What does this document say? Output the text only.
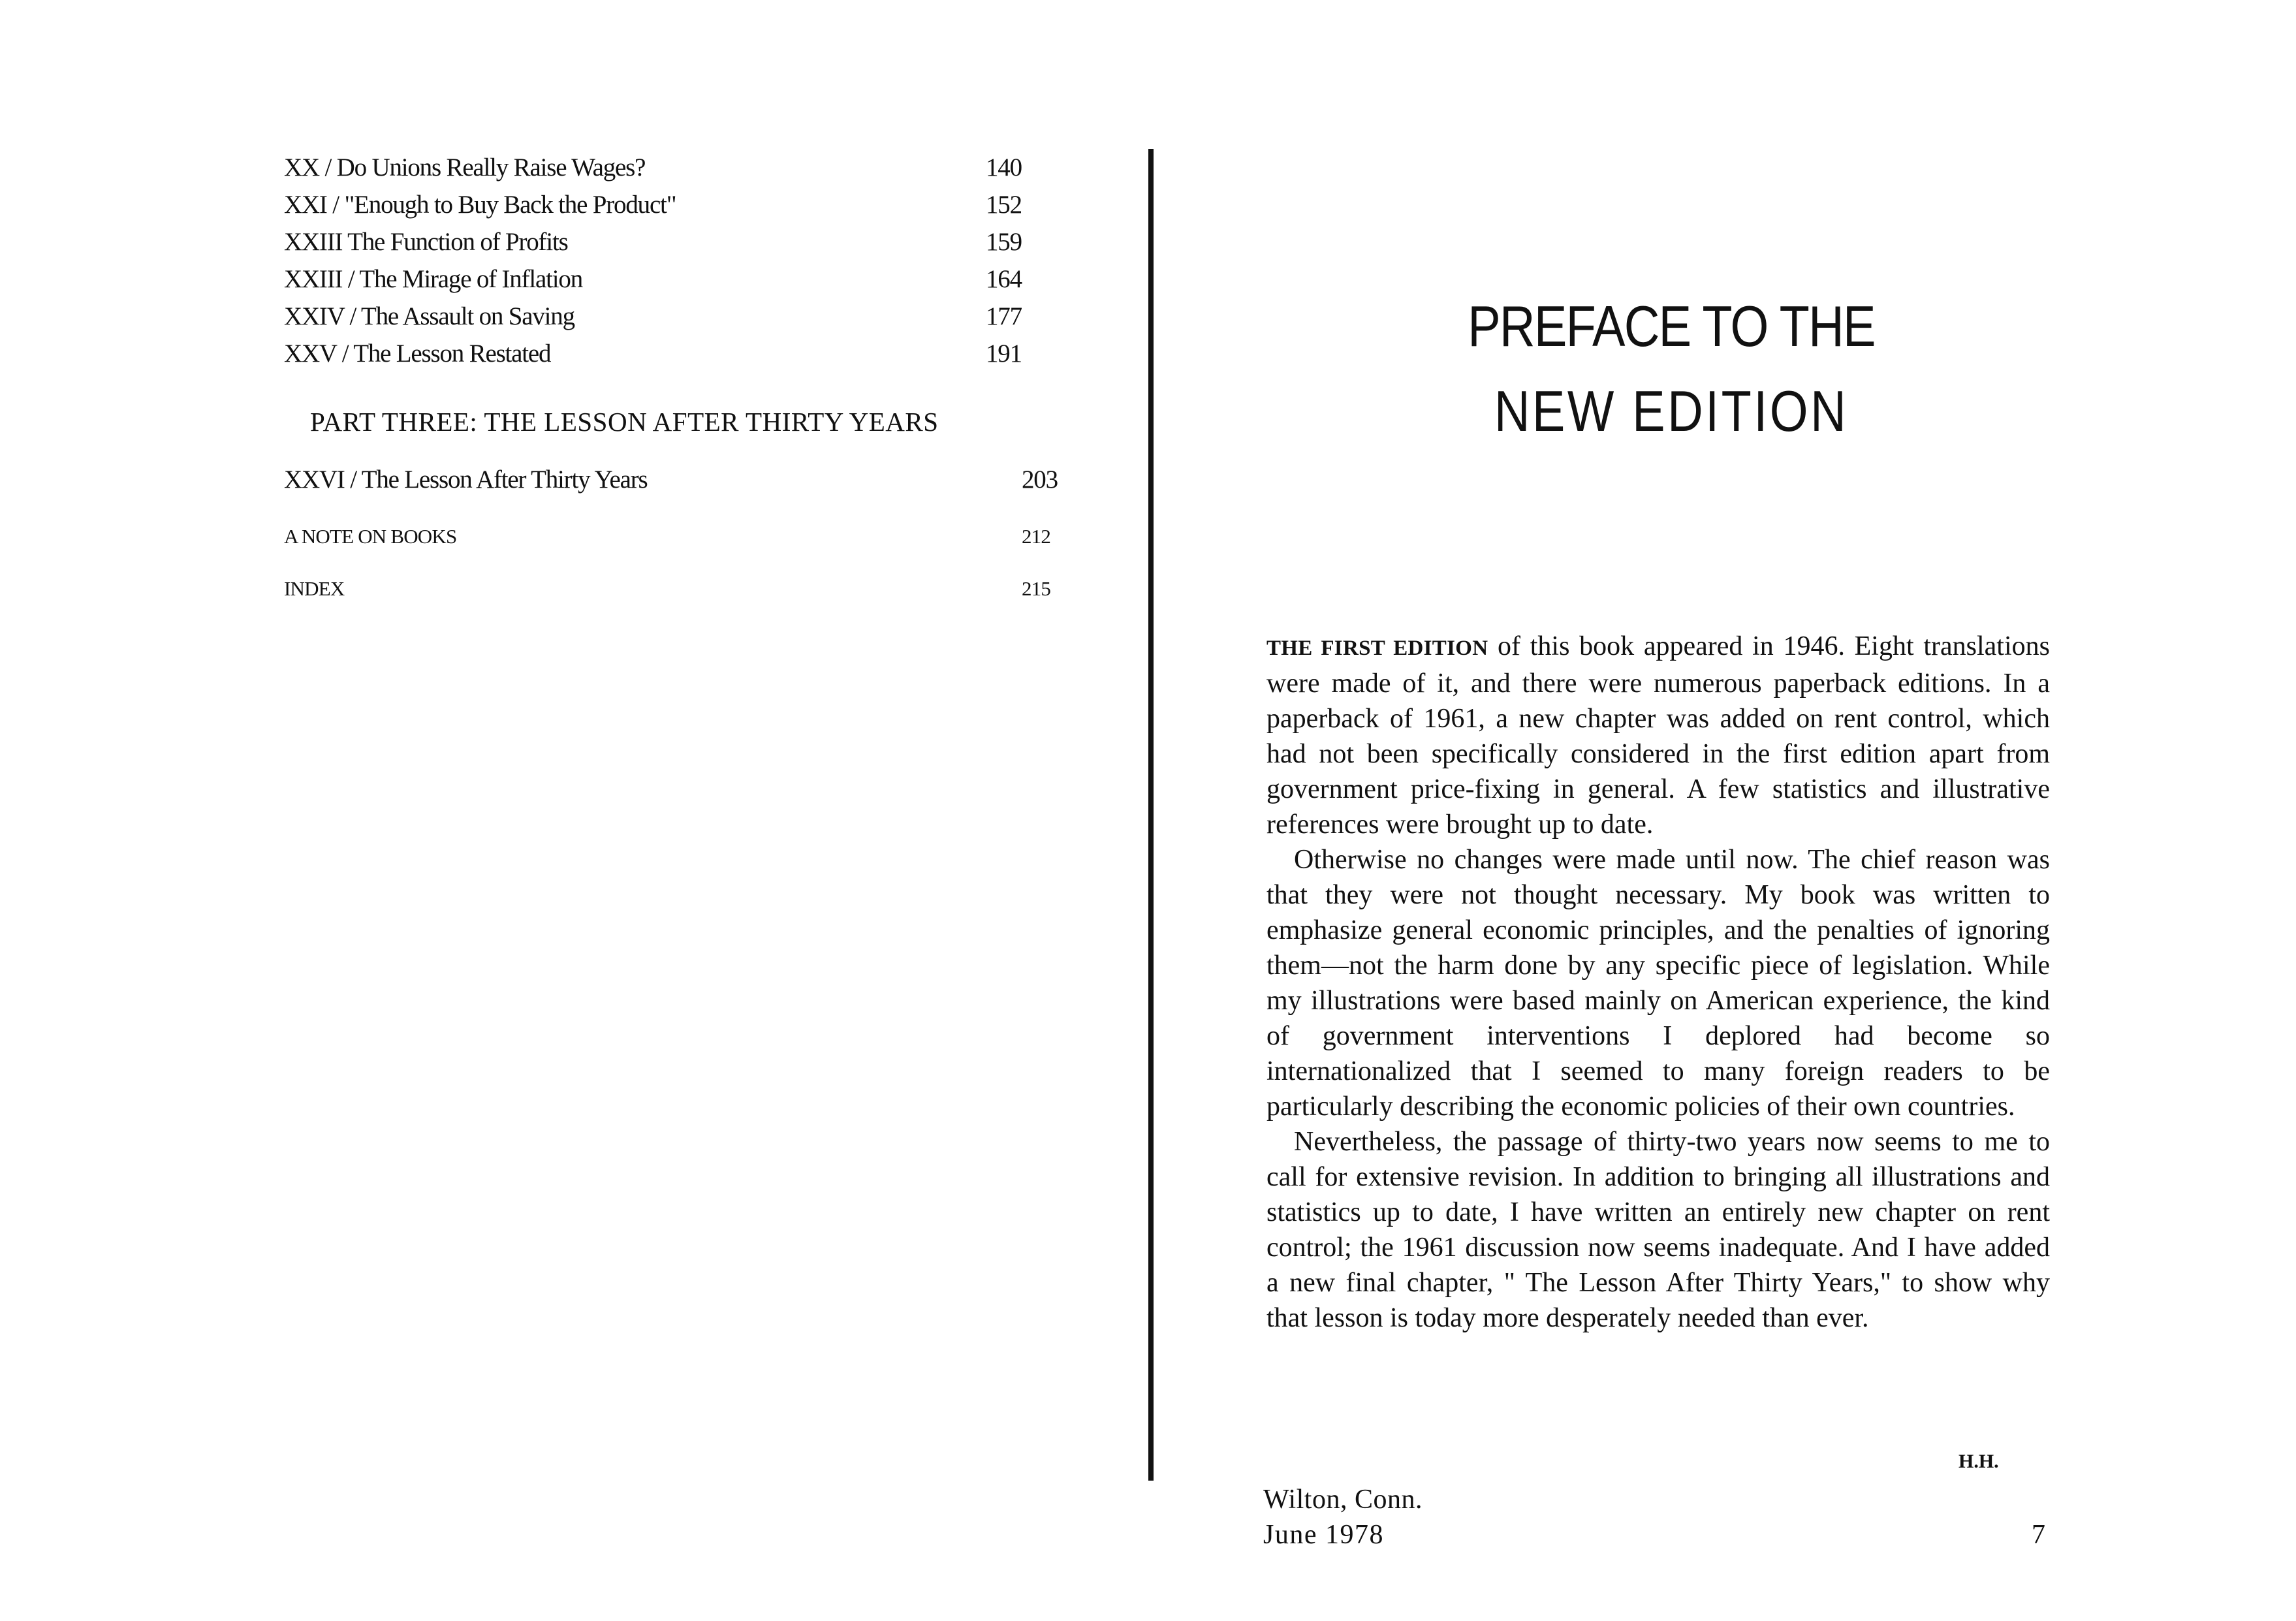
XX / Do Unions Really Raise Wages?	140
XXI / "Enough to Buy Back the Product"	152
XXIII The Function of Profits	159
XXIII / The Mirage of Inflation	164
XXIV / The Assault on Saving	177
XXV / The Lesson Restated	191
PART THREE: THE LESSON AFTER THIRTY YEARS
XXVI / The Lesson After Thirty Years	203
A NOTE ON BOOKS	212
INDEX	215
PREFACE TO THE
NEW EDITION

THE FIRST EDITION of this book appeared in 1946. Eight translations were made of it, and there were numerous paperback editions. In a paperback of 1961, a new chapter was added on rent control, which had not been specifically considered in the first edition apart from government price-fixing in general. A few statistics and illustrative references were brought up to date.

Otherwise no changes were made until now. The chief reason was that they were not thought necessary. My book was written to emphasize general economic principles, and the penalties of ignoring them—not the harm done by any specific piece of legislation. While my illustrations were based mainly on American experience, the kind of government interventions I deplored had become so internationalized that I seemed to many foreign readers to be particularly describing the economic policies of their own countries.

Nevertheless, the passage of thirty-two years now seems to me to call for extensive revision. In addition to bringing all illustrations and statistics up to date, I have written an entirely new chapter on rent control; the 1961 discussion now seems inadequate. And I have added a new final chapter, " The Lesson After Thirty Years," to show why that lesson is today more desperately needed than ever.

H.H.
Wilton, Conn.
June 1978	7
